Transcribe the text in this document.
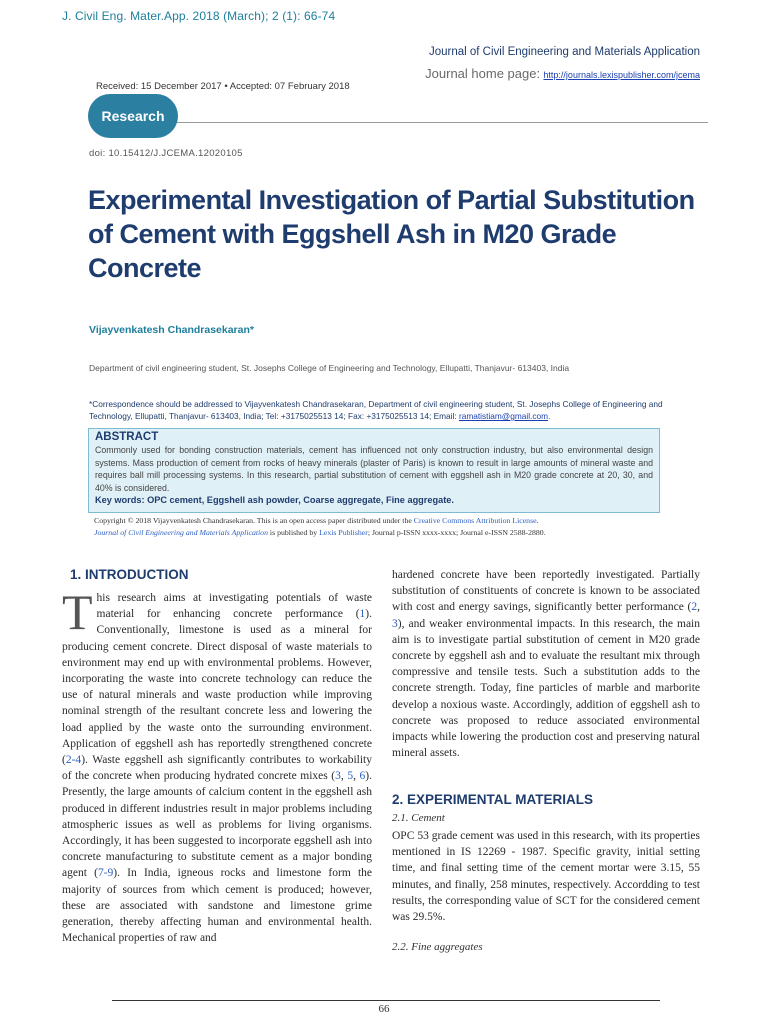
J. Civil Eng. Mater.App. 2018 (March); 2 (1): 66-74
Journal of Civil Engineering and Materials Application
Journal home page: http://journals.lexispublisher.com/jcema
Received: 15 December 2017 • Accepted: 07 February 2018
Research
doi: 10.15412/J.JCEMA.12020105
Experimental Investigation of Partial Substitution of Cement with Eggshell Ash in M20 Grade Concrete
Vijayvenkatesh Chandrasekaran*
Department of civil engineering student, St. Josephs College of Engineering and Technology, Ellupatti, Thanjavur- 613403, India
*Correspondence should be addressed to Vijayvenkatesh Chandrasekaran, Department of civil engineering student, St. Josephs College of Engineering and Technology, Ellupatti, Thanjavur- 613403, India; Tel: +3175025513 14; Fax: +3175025513 14; Email: ramatistiam@gmail.com.
ABSTRACT
Commonly used for bonding construction materials, cement has influenced not only construction industry, but also environmental design systems. Mass production of cement from rocks of heavy minerals (plaster of Paris) is known to result in large amounts of mineral waste and requires ball mill processing systems. In this research, partial substitution of cement with eggshell ash in M20 grade concrete at 20, 30, and 40% is considered.
Key words: OPC cement, Eggshell ash powder, Coarse aggregate, Fine aggregate.
Copyright © 2018 Vijayvenkatesh Chandrasekaran. This is an open access paper distributed under the Creative Commons Attribution License.
Journal of Civil Engineering and Materials Application is published by Lexis Publisher; Journal p-ISSN xxxx-xxxx; Journal e-ISSN 2588-2880.
1. INTRODUCTION
This research aims at investigating potentials of waste material for enhancing concrete performance (1). Conventionally, limestone is used as a mineral for producing cement concrete. Direct disposal of waste materials to environment may end up with environmental problems. However, incorporating the waste into concrete technology can reduce the use of natural minerals and waste production while improving nominal strength of the resultant concrete less and lowering the load applied by the waste onto the surrounding environment. Application of eggshell ash has reportedly strengthened concrete (2-4). Waste eggshell ash significantly contributes to workability of the concrete when producing hydrated concrete mixes (3, 5, 6). Presently, the large amounts of calcium content in the eggshell ash produced in different industries result in major problems including atmospheric issues as well as problems for living organisms. Accordingly, it has been suggested to incorporate eggshell ash into concrete manufacturing to substitute cement as a major bonding agent (7-9). In India, igneous rocks and limestone form the majority of sources from which cement is produced; however, these are associated with sandstone and limestone grime generation, thereby affecting human and environmental health. Mechanical properties of raw and
hardened concrete have been reportedly investigated. Partially substitution of constituents of concrete is known to be associated with cost and energy savings, significantly better performance (2, 3), and weaker environmental impacts. In this research, the main aim is to investigate partial substitution of cement in M20 grade concrete by eggshell ash and to evaluate the resultant mix through compressive and tensile tests. Such a substitution adds to the concrete strength. Today, fine particles of marble and marborite develop a noxious waste. Accordingly, addition of eggshell ash to concrete was proposed to reduce associated environmental impacts while lowering the production cost and preserving natural mineral assets.
2. EXPERIMENTAL MATERIALS
2.1. Cement
OPC 53 grade cement was used in this research, with its properties mentioned in IS 12269 - 1987. Specific gravity, initial setting time, and final setting time of the cement mortar were 3.15, 55 minutes, and finally, 258 minutes, respectively. Accordding to test results, the corresponding value of SCT for the considered cement was 29.5%.
2.2. Fine aggregates
66
